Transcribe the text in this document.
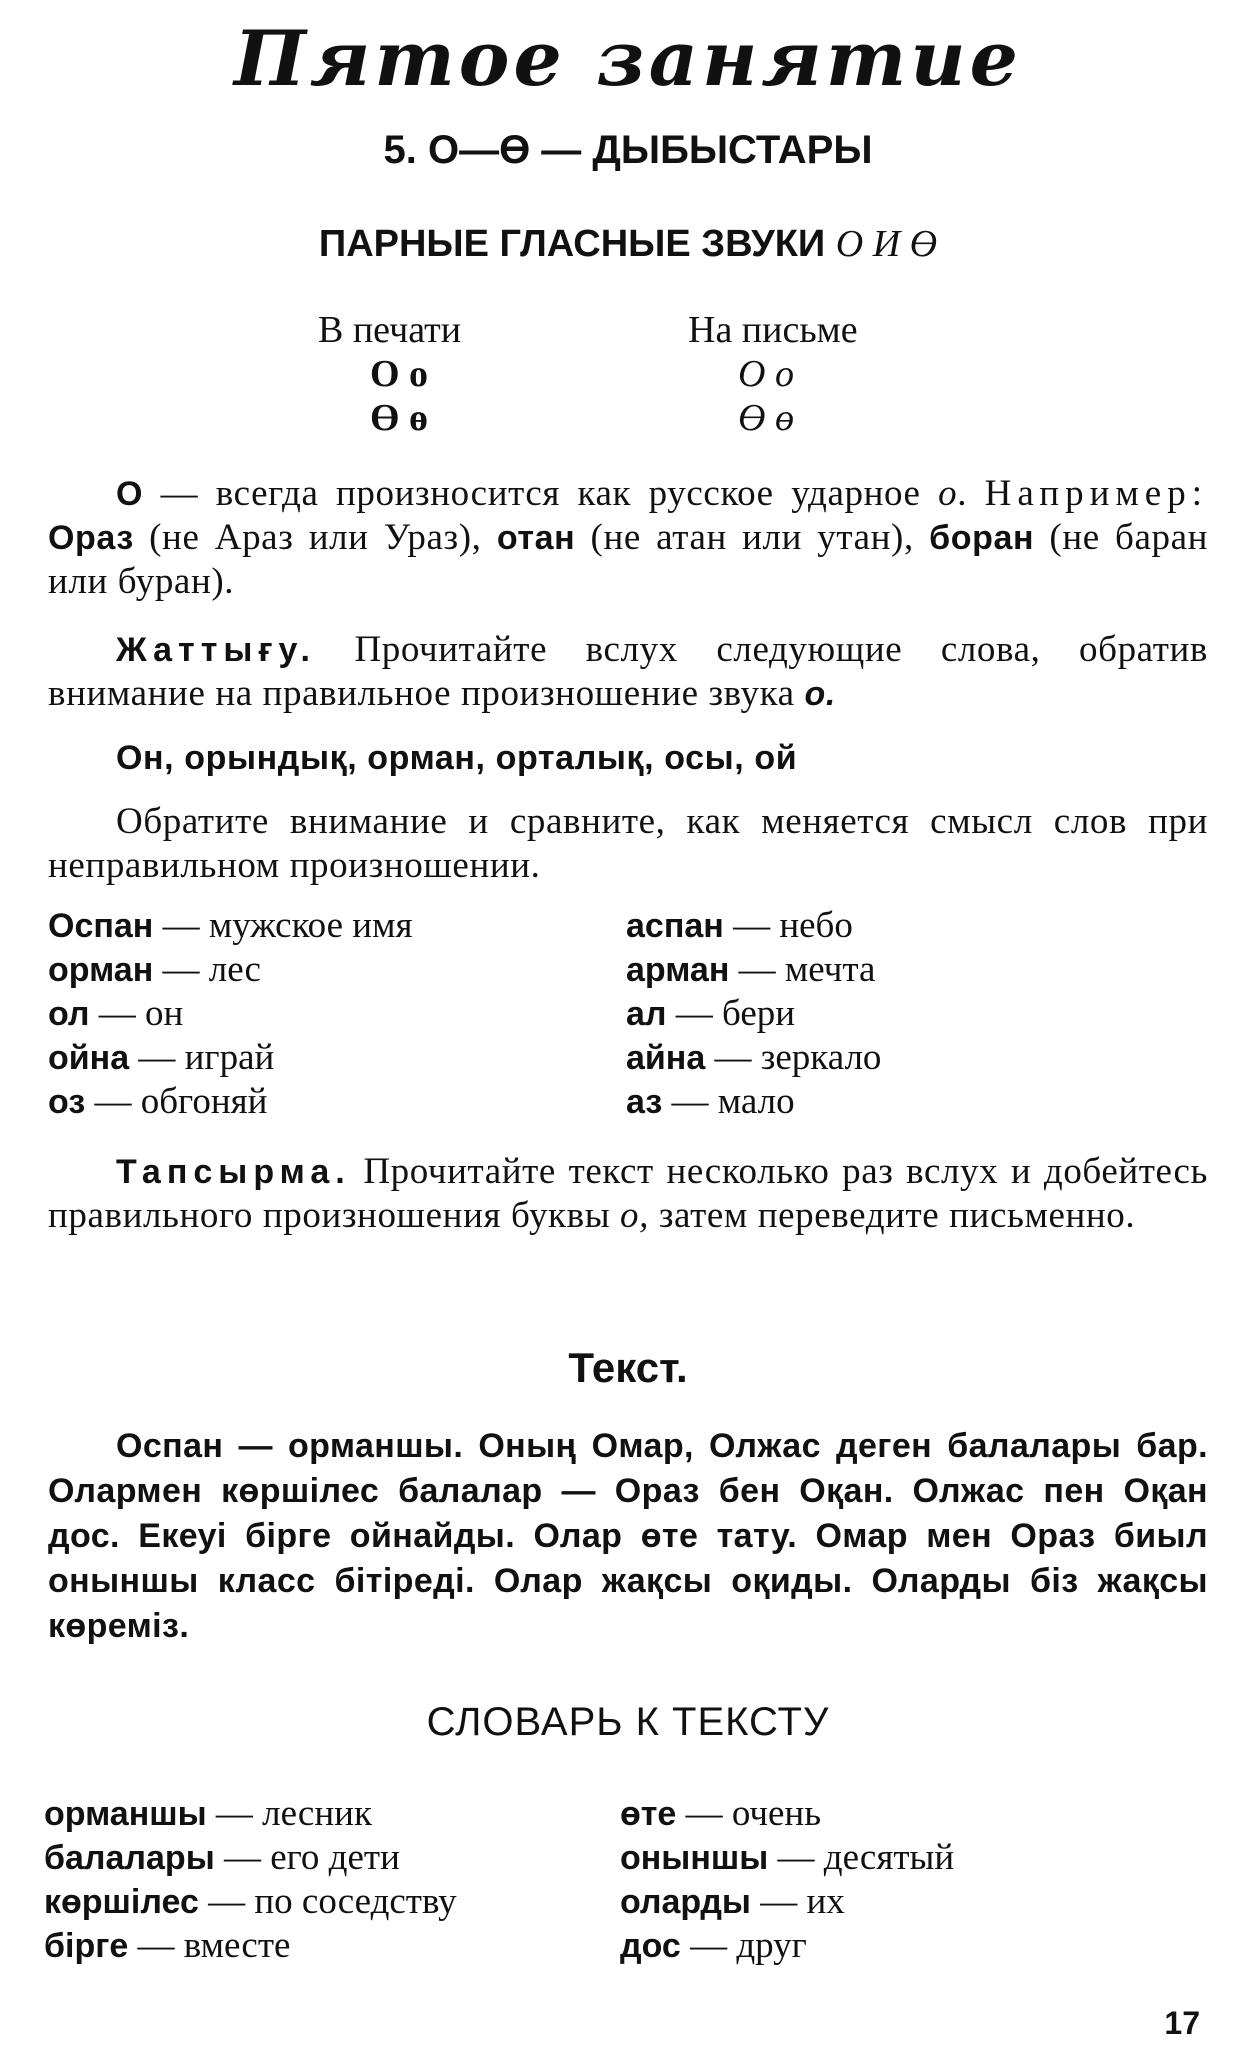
Пятое занятие
5. О—Ө — ДЫБЫСТАРЫ
ПАРНЫЕ ГЛАСНЫЕ ЗВУКИ О И Ө
В печати
О о
Ө ө
На письме
О о
Ө ө
О — всегда произносится как русское ударное о. Например: Ораз (не Араз или Ураз), отан (не атан или утан), боран (не баран или буран).
Жаттығу. Прочитайте вслух следующие слова, обратив внимание на правильное произношение звука о.
Он, орындық, орман, орталық, осы, ой
Обратите внимание и сравните, как меняется смысл слов при неправильном произношении.
Оспан — мужское имя
орман — лес
ол — он
ойна — играй
оз — обгоняй
аспан — небо
арман — мечта
ал — бери
айна — зеркало
аз — мало
Тапсырма. Прочитайте текст несколько раз вслух и добейтесь правильного произношения буквы о, затем переведите письменно.
Текст.
Оспан — орманшы. Оның Омар, Олжас деген балалары бар. Олармен көршілес балалар — Ораз бен Оқан. Олжас пен Оқан дос. Екеуі бірге ойнайды. Олар өте тату. Омар мен Ораз биыл оныншы класс бітіреді. Олар жақсы оқиды. Оларды біз жақсы көреміз.
СЛОВАРЬ К ТЕКСТУ
орманшы — лесник
балалары — его дети
көршілес — по соседству
бірге — вместе
өте — очень
оныншы — десятый
оларды — их
дос — друг
17
